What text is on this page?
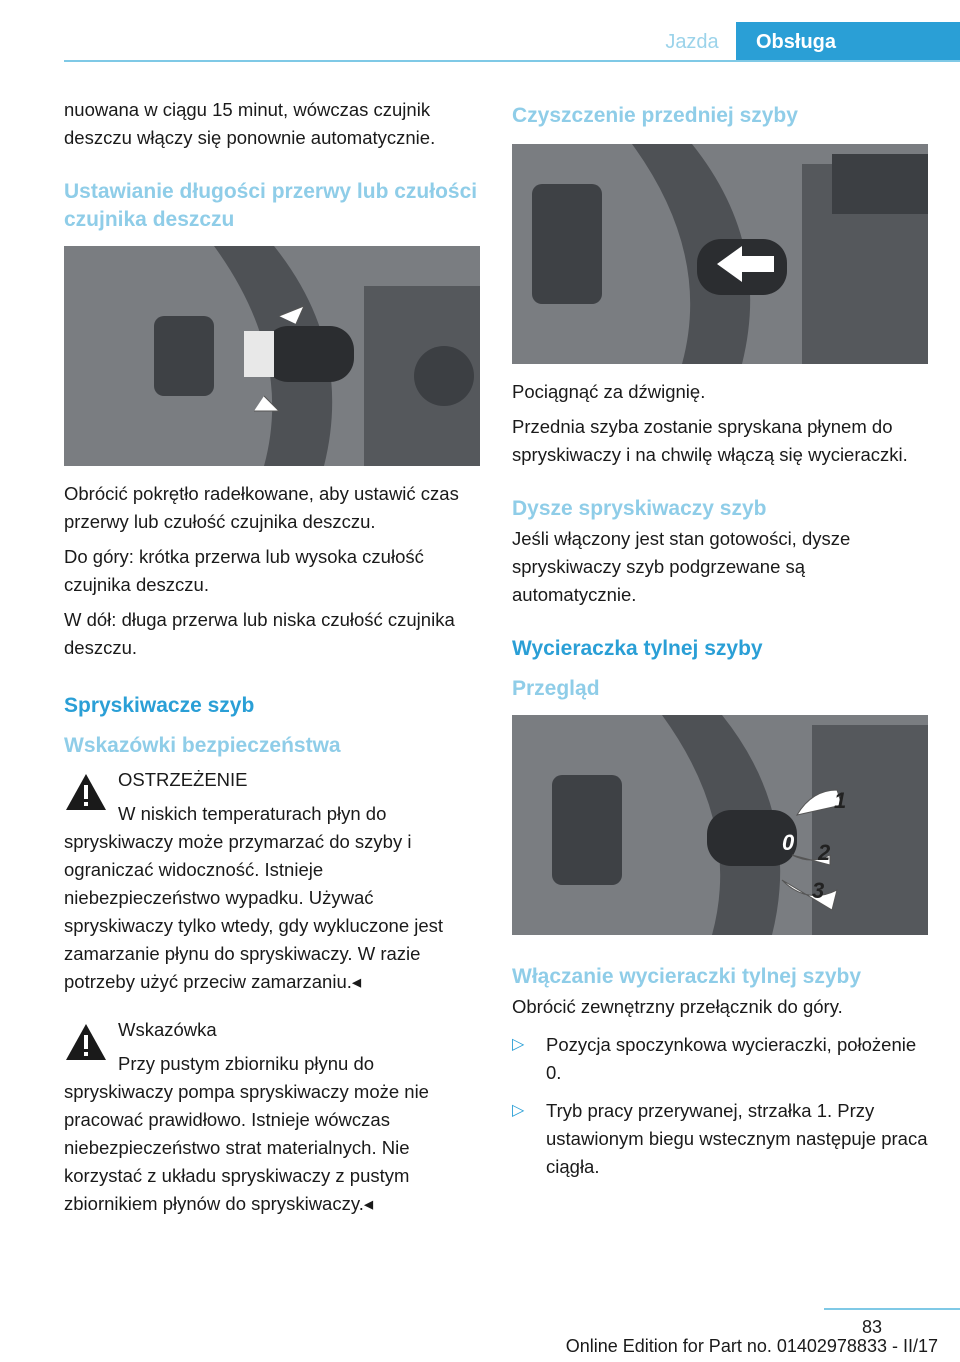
Jazda	Obsługa

nuowana w ciągu 15 minut, wówczas czujnik deszczu włączy się ponownie automatycznie.

Ustawianie długości przerwy lub czułości czujnika deszczu

Obrócić pokrętło radełkowane, aby ustawić czas przerwy lub czułość czujnika deszczu.

Do góry: krótka przerwa lub wysoka czułość czujnika deszczu.

W dół: długa przerwa lub niska czułość czujnika deszczu.

Spryskiwacze szyb
Wskazówki bezpieczeństwa
OSTRZEŻENIE
W niskich temperaturach płyn do spryskiwaczy może przymarzać do szyby i ograniczać widoczność. Istnieje niebezpieczeństwo wypadku. Używać spryskiwaczy tylko wtedy, gdy wykluczone jest zamarzanie płynu do spryskiwaczy. W razie potrzeby użyć przeciw zamarzaniu.◂
Wskazówka
Przy pustym zbiorniku płynu do spryskiwaczy pompa spryskiwaczy może nie pracować prawidłowo. Istnieje wówczas niebezpieczeństwo strat materialnych. Nie korzystać z układu spryskiwaczy z pustym zbiornikiem płynów do spryskiwaczy.◂
Czyszczenie przedniej szyby

Pociągnąć za dźwignię.

Przednia szyba zostanie spryskana płynem do spryskiwaczy i na chwilę włączą się wycieraczki.

Dysze spryskiwaczy szyb

Jeśli włączony jest stan gotowości, dysze spryskiwaczy szyb podgrzewane są automatycznie.

Wycieraczka tylnej szyby
Przegląd
1
0 2
3
Włączanie wycieraczki tylnej szyby

Obrócić zewnętrzny przełącznik do góry.

▷ Pozycja spoczynkowa wycieraczki, położenie 0.
▷ Tryb pracy przerywanej, strzałka 1. Przy ustawionym biegu wstecznym następuje praca ciągła.
83
Online Edition for Part no. 01402978833 - II/17
